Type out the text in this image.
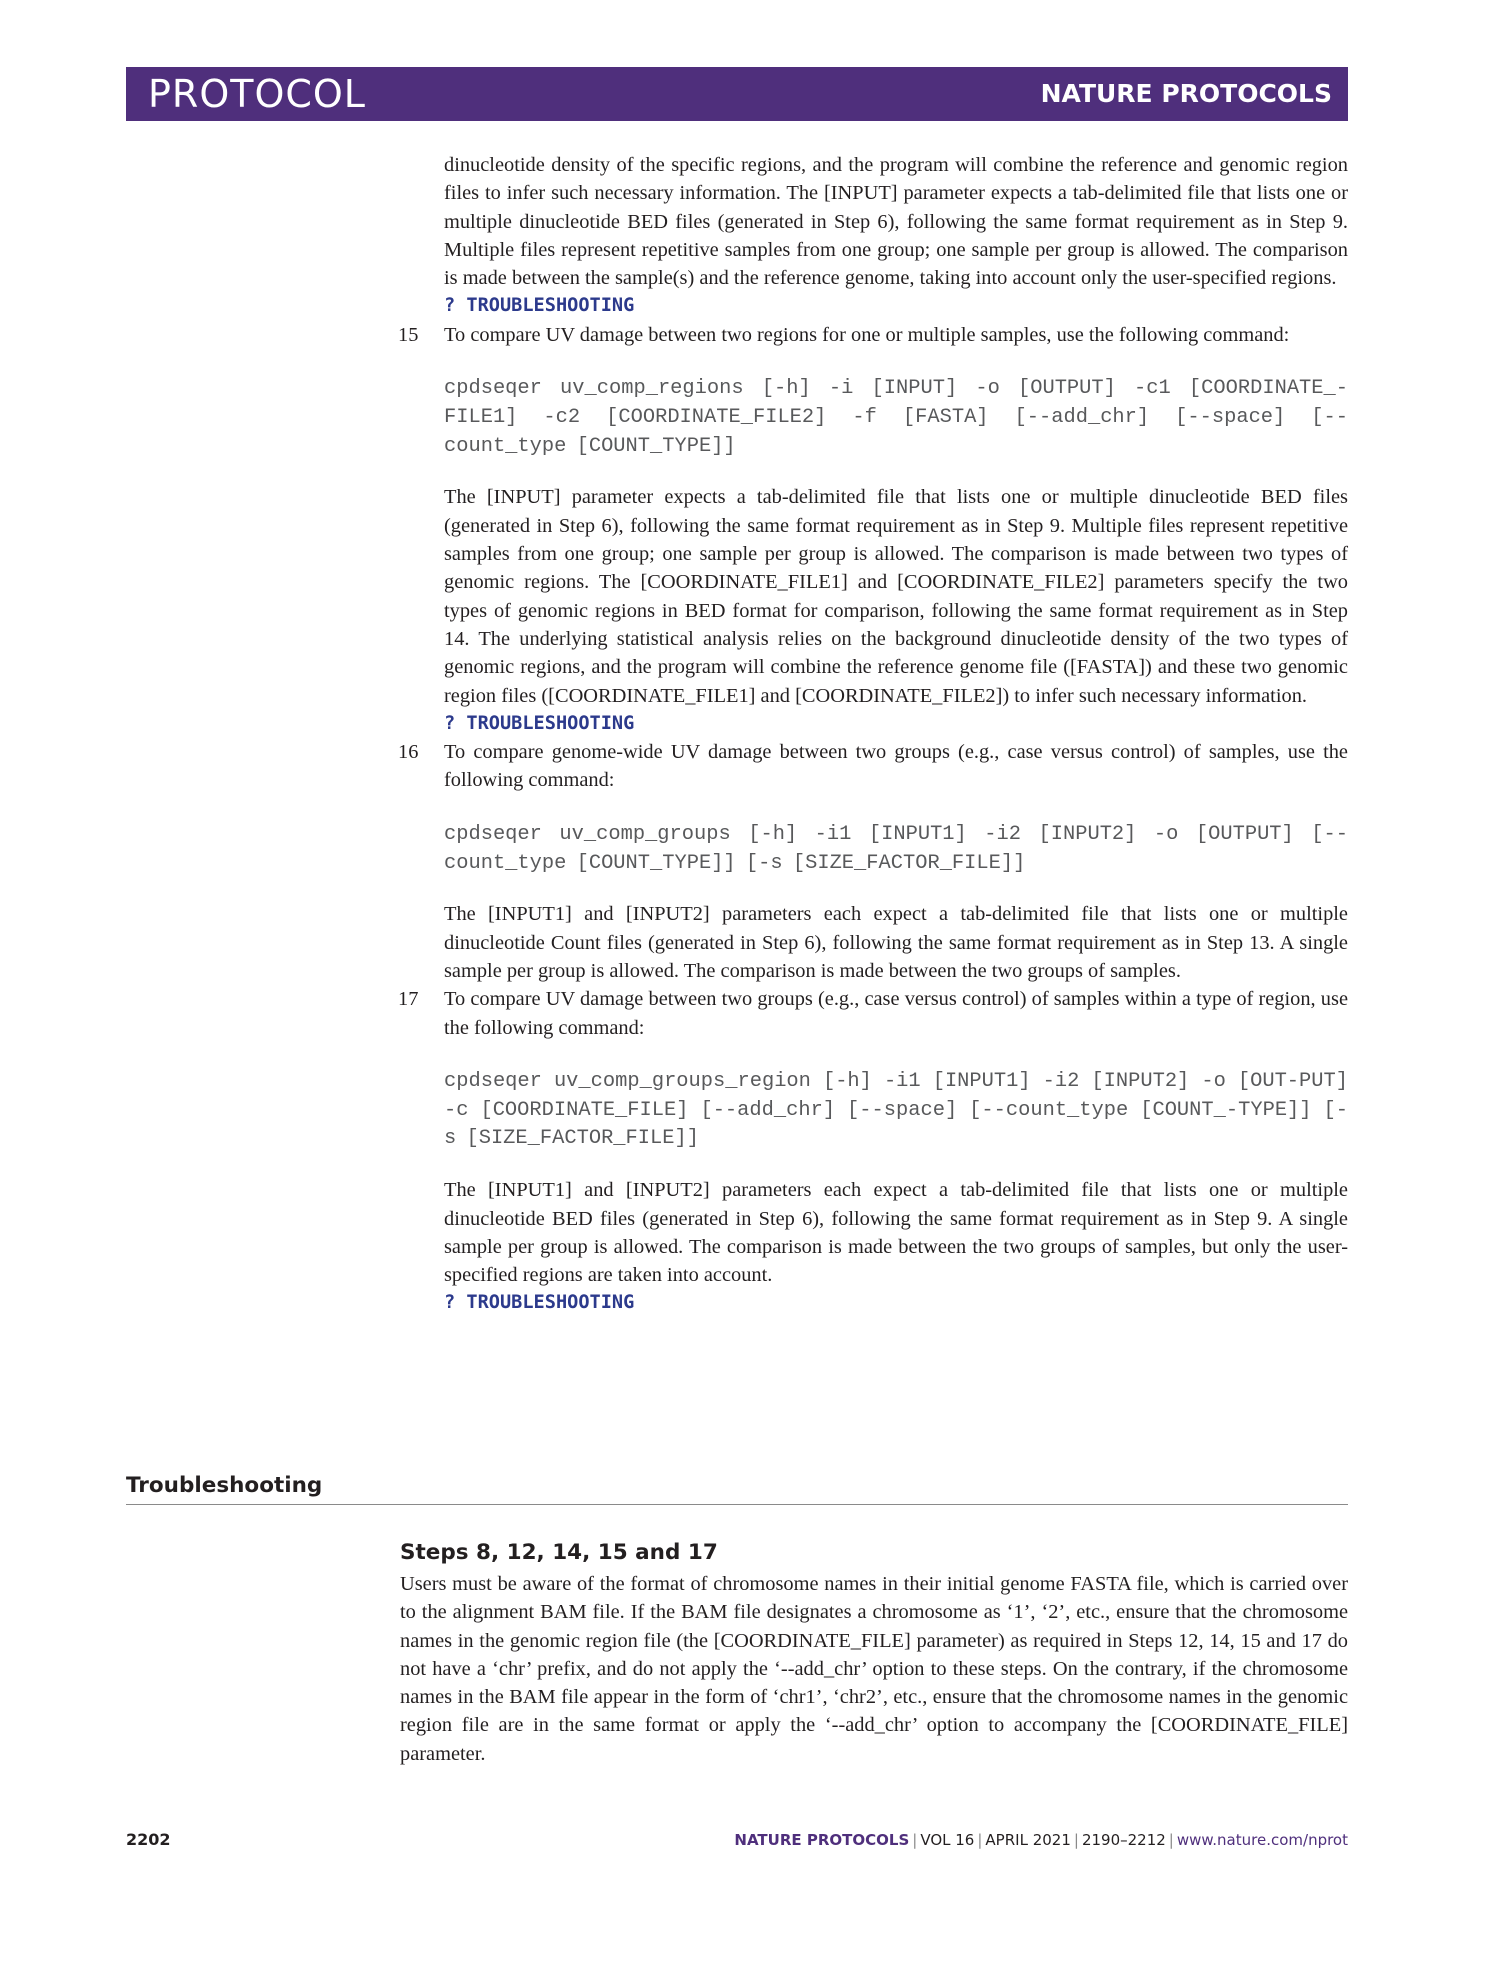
PROTOCOL	NATURE PROTOCOLS

dinucleotide density of the specific regions, and the program will combine the reference and genomic region files to infer such necessary information. The [INPUT] parameter expects a tab-delimited file that lists one or multiple dinucleotide BED files (generated in Step 6), following the same format requirement as in Step 9. Multiple files represent repetitive samples from one group; one sample per group is allowed. The comparison is made between the sample(s) and the reference genome, taking into account only the user-specified regions.

? TROUBLESHOOTING
15 To compare UV damage between two regions for one or multiple samples, use the following command:

cpdseqer uv_comp_regions [-h] -i [INPUT] -o [OUTPUT] -c1 [COORDINATE_-FILE1] -c2 [COORDINATE_FILE2] -f [FASTA] [--add_chr] [--space] [--count_type [COUNT_TYPE]]

The [INPUT] parameter expects a tab-delimited file that lists one or multiple dinucleotide BED files (generated in Step 6), following the same format requirement as in Step 9. Multiple files represent repetitive samples from one group; one sample per group is allowed. The comparison is made between two types of genomic regions. The [COORDINATE_FILE1] and [COORDINATE_FILE2] parameters specify the two types of genomic regions in BED format for comparison, following the same format requirement as in Step 14. The underlying statistical analysis relies on the background dinucleotide density of the two types of genomic regions, and the program will combine the reference genome file ([FASTA]) and these two genomic region files ([COORDINATE_FILE1] and [COORDINATE_FILE2]) to infer such necessary information.

? TROUBLESHOOTING
16 To compare genome-wide UV damage between two groups (e.g., case versus control) of samples, use the following command:

cpdseqer uv_comp_groups [-h] -i1 [INPUT1] -i2 [INPUT2] -o [OUTPUT] [--count_type [COUNT_TYPE]] [-s [SIZE_FACTOR_FILE]]

The [INPUT1] and [INPUT2] parameters each expect a tab-delimited file that lists one or multiple dinucleotide Count files (generated in Step 6), following the same format requirement as in Step 13. A single sample per group is allowed. The comparison is made between the two groups of samples.

17 To compare UV damage between two groups (e.g., case versus control) of samples within a type of region, use the following command:

cpdseqer uv_comp_groups_region [-h] -i1 [INPUT1] -i2 [INPUT2] -o [OUT-PUT] -c [COORDINATE_FILE] [--add_chr] [--space] [--count_type [COUNT_-TYPE]] [-s [SIZE_FACTOR_FILE]]

The [INPUT1] and [INPUT2] parameters each expect a tab-delimited file that lists one or multiple dinucleotide BED files (generated in Step 6), following the same format requirement as in Step 9. A single sample per group is allowed. The comparison is made between the two groups of samples, but only the user-specified regions are taken into account.

? TROUBLESHOOTING
Troubleshooting
Steps 8, 12, 14, 15 and 17

Users must be aware of the format of chromosome names in their initial genome FASTA file, which is carried over to the alignment BAM file. If the BAM file designates a chromosome as ‘1’, ‘2’, etc., ensure that the chromosome names in the genomic region file (the [COORDINATE_FILE] parameter) as required in Steps 12, 14, 15 and 17 do not have a ‘chr’ prefix, and do not apply the ‘--add_chr’ option to these steps. On the contrary, if the chromosome names in the BAM file appear in the form of ‘chr1’, ‘chr2’, etc., ensure that the chromosome names in the genomic region file are in the same format or apply the ‘--add_chr’ option to accompany the [COORDINATE_FILE] parameter.

2202	NATURE PROTOCOLS | VOL 16 | APRIL 2021 | 2190–2212 | www.nature.com/nprot
